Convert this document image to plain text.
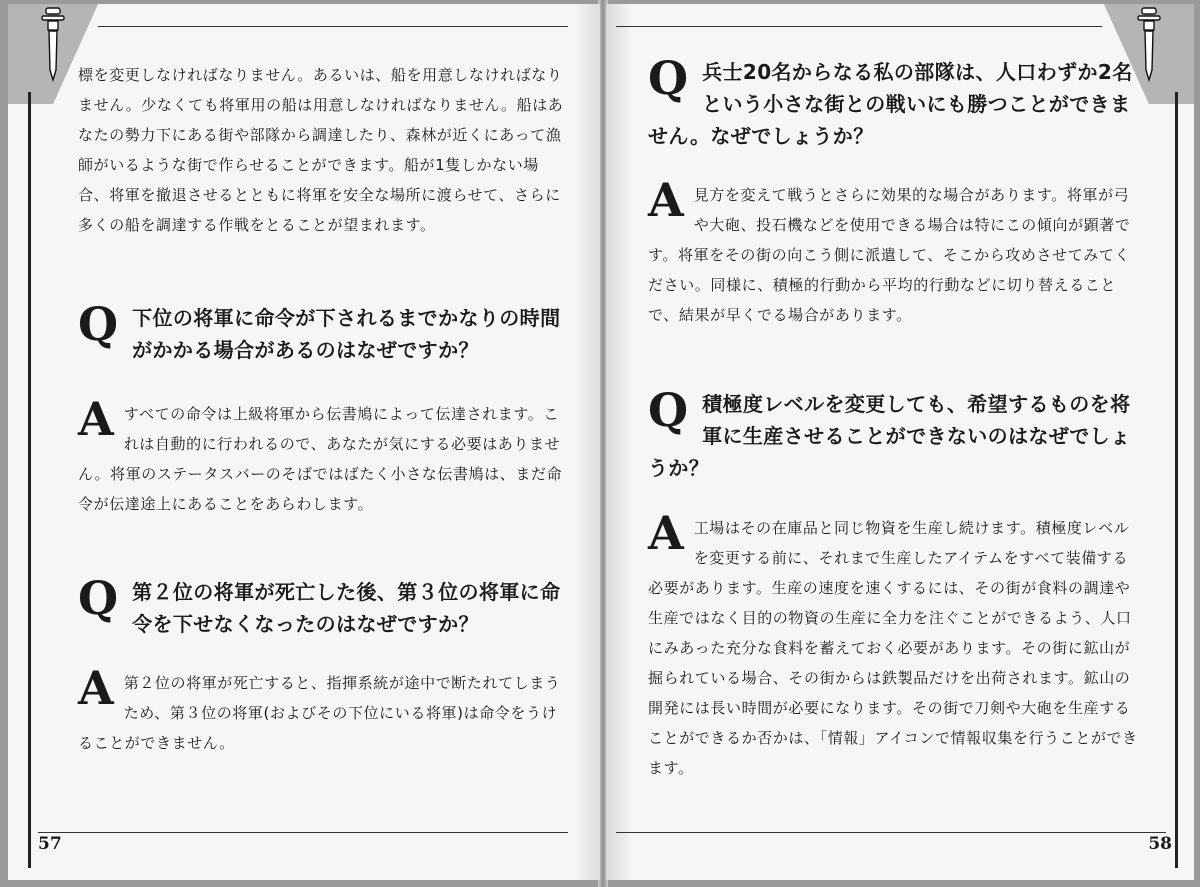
標を変更しなければなりません。あるいは、船を用意しなければなりません。少なくても将軍用の船は用意しなければなりません。船はあなたの勢力下にある街や部隊から調達したり、森林が近くにあって漁師がいるような街で作らせることができます。船が1隻しかない場合、将軍を撤退させるとともに将軍を安全な場所に渡らせて、さらに多くの船を調達する作戦をとることが望まれます。

Q 下位の将軍に命令が下されるまでかなりの時間がかかる場合があるのはなぜですか？

A すべての命令は上級将軍から伝書鳩によって伝達されます。これは自動的に行われるので、あなたが気にする必要はありません。将軍のステータスバーのそばではばたく小さな伝書鳩は、まだ命令が伝達途上にあることをあらわします。

Q 第２位の将軍が死亡した後、第３位の将軍に命令を下せなくなったのはなぜですか？

A 第２位の将軍が死亡すると、指揮系統が途中で断たれてしまうため、第３位の将軍(およびその下位にいる将軍)は命令をうけることができません。

57
Q 兵士20名からなる私の部隊は、人口わずか2名という小さな街との戦いにも勝つことができません。なぜでしょうか？

A 見方を変えて戦うとさらに効果的な場合があります。将軍が弓や大砲、投石機などを使用できる場合は特にこの傾向が顕著です。将軍をその街の向こう側に派遣して、そこから攻めさせてみてください。同様に、積極的行動から平均的行動などに切り替えることで、結果が早くでる場合があります。

Q 積極度レベルを変更しても、希望するものを将軍に生産させることができないのはなぜでしょうか？

A 工場はその在庫品と同じ物資を生産し続けます。積極度レベルを変更する前に、それまで生産したアイテムをすべて装備する必要があります。生産の速度を速くするには、その街が食料の調達や生産ではなく目的の物資の生産に全力を注ぐことができるよう、人口にみあった充分な食料を蓄えておく必要があります。その街に鉱山が掘られている場合、その街からは鉄製品だけを出荷されます。鉱山の開発には長い時間が必要になります。その街で刀剣や大砲を生産することができるか否かは、「情報」アイコンで情報収集を行うことができます。

58
